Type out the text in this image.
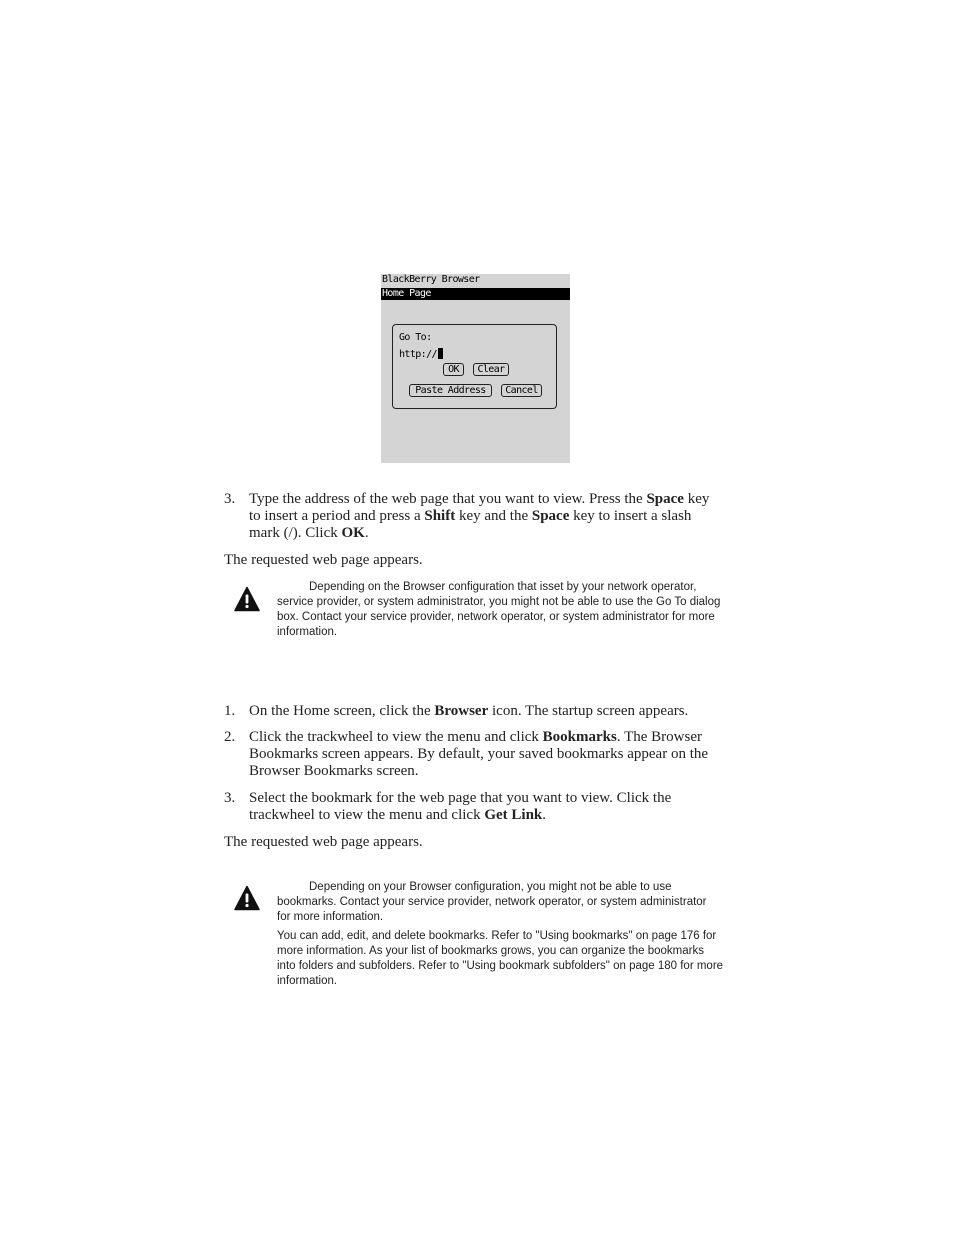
BlackBerry Browser
Home Page
Go To:
http://
OK	Clear
Paste Address	Cancel
3. Type the address of the web page that you want to view. Press the Space key
to insert a period and press a Shift key and the Space key to insert a slash
mark (/). Click OK.
The requested web page appears.
Depending on the Browser configuration that isset by your network operator,
service provider, or system administrator, you might not be able to use the Go To dialog
box. Contact your service provider, network operator, or system administrator for more
information.
1. On the Home screen, click the Browser icon. The startup screen appears.
2. Click the trackwheel to view the menu and click Bookmarks. The Browser
Bookmarks screen appears. By default, your saved bookmarks appear on the
Browser Bookmarks screen.
3. Select the bookmark for the web page that you want to view. Click the
trackwheel to view the menu and click Get Link.
The requested web page appears.
Depending on your Browser configuration, you might not be able to use
bookmarks. Contact your service provider, network operator, or system administrator
for more information.
You can add, edit, and delete bookmarks. Refer to "Using bookmarks" on page 176 for
more information. As your list of bookmarks grows, you can organize the bookmarks
into folders and subfolders. Refer to "Using bookmark subfolders" on page 180 for more
information.
